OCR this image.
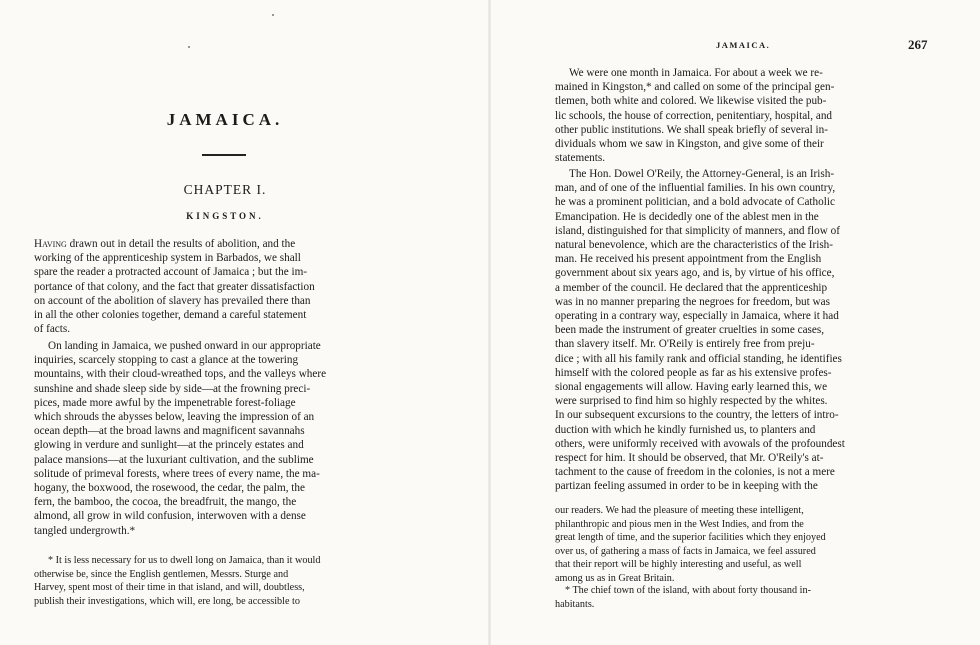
JAMAICA.
CHAPTER I.
KINGSTON.

Having drawn out in detail the results of abolition, and the
working of the apprenticeship system in Barbados, we shall
spare the reader a protracted account of Jamaica ; but the im-
portance of that colony, and the fact that greater dissatisfaction
on account of the abolition of slavery has prevailed there than
in all the other colonies together, demand a careful statement
of facts.

On landing in Jamaica, we pushed onward in our appropriate
inquiries, scarcely stopping to cast a glance at the towering
mountains, with their cloud-wreathed tops, and the valleys where
sunshine and shade sleep side by side—at the frowning preci-
pices, made more awful by the impenetrable forest-foliage
which shrouds the abysses below, leaving the impression of an
ocean depth—at the broad lawns and magnificent savannahs
glowing in verdure and sunlight—at the princely estates and
palace mansions—at the luxuriant cultivation, and the sublime
solitude of primeval forests, where trees of every name, the ma-
hogany, the boxwood, the rosewood, the cedar, the palm, the
fern, the bamboo, the cocoa, the breadfruit, the mango, the
almond, all grow in wild confusion, interwoven with a dense
tangled undergrowth.*

* It is less necessary for us to dwell long on Jamaica, than it would
otherwise be, since the English gentlemen, Messrs. Sturge and
Harvey, spent most of their time in that island, and will, doubtless,
publish their investigations, which will, ere long, be accessible to

JAMAICA.	267

We were one month in Jamaica. For about a week we re-
mained in Kingston,* and called on some of the principal gen-
tlemen, both white and colored. We likewise visited the pub-
lic schools, the house of correction, penitentiary, hospital, and
other public institutions. We shall speak briefly of several in-
dividuals whom we saw in Kingston, and give some of their
statements.

The Hon. Dowel O'Reily, the Attorney-General, is an Irish-
man, and of one of the influential families. In his own country,
he was a prominent politician, and a bold advocate of Catholic
Emancipation. He is decidedly one of the ablest men in the
island, distinguished for that simplicity of manners, and flow of
natural benevolence, which are the characteristics of the Irish-
man. He received his present appointment from the English
government about six years ago, and is, by virtue of his office,
a member of the council. He declared that the apprenticeship
was in no manner preparing the negroes for freedom, but was
operating in a contrary way, especially in Jamaica, where it had
been made the instrument of greater cruelties in some cases,
than slavery itself. Mr. O'Reily is entirely free from preju-
dice ; with all his family rank and official standing, he identifies
himself with the colored people as far as his extensive profes-
sional engagements will allow. Having early learned this, we
were surprised to find him so highly respected by the whites.
In our subsequent excursions to the country, the letters of intro-
duction with which he kindly furnished us, to planters and
others, were uniformly received with avowals of the profoundest
respect for him. It should be observed, that Mr. O'Reily's at-
tachment to the cause of freedom in the colonies, is not a mere
partizan feeling assumed in order to be in keeping with the

our readers. We had the pleasure of meeting these intelligent,
philanthropic and pious men in the West Indies, and from the
great length of time, and the superior facilities which they enjoyed
over us, of gathering a mass of facts in Jamaica, we feel assured
that their report will be highly interesting and useful, as well
among us as in Great Britain.

* The chief town of the island, with about forty thousand in-
habitants.
